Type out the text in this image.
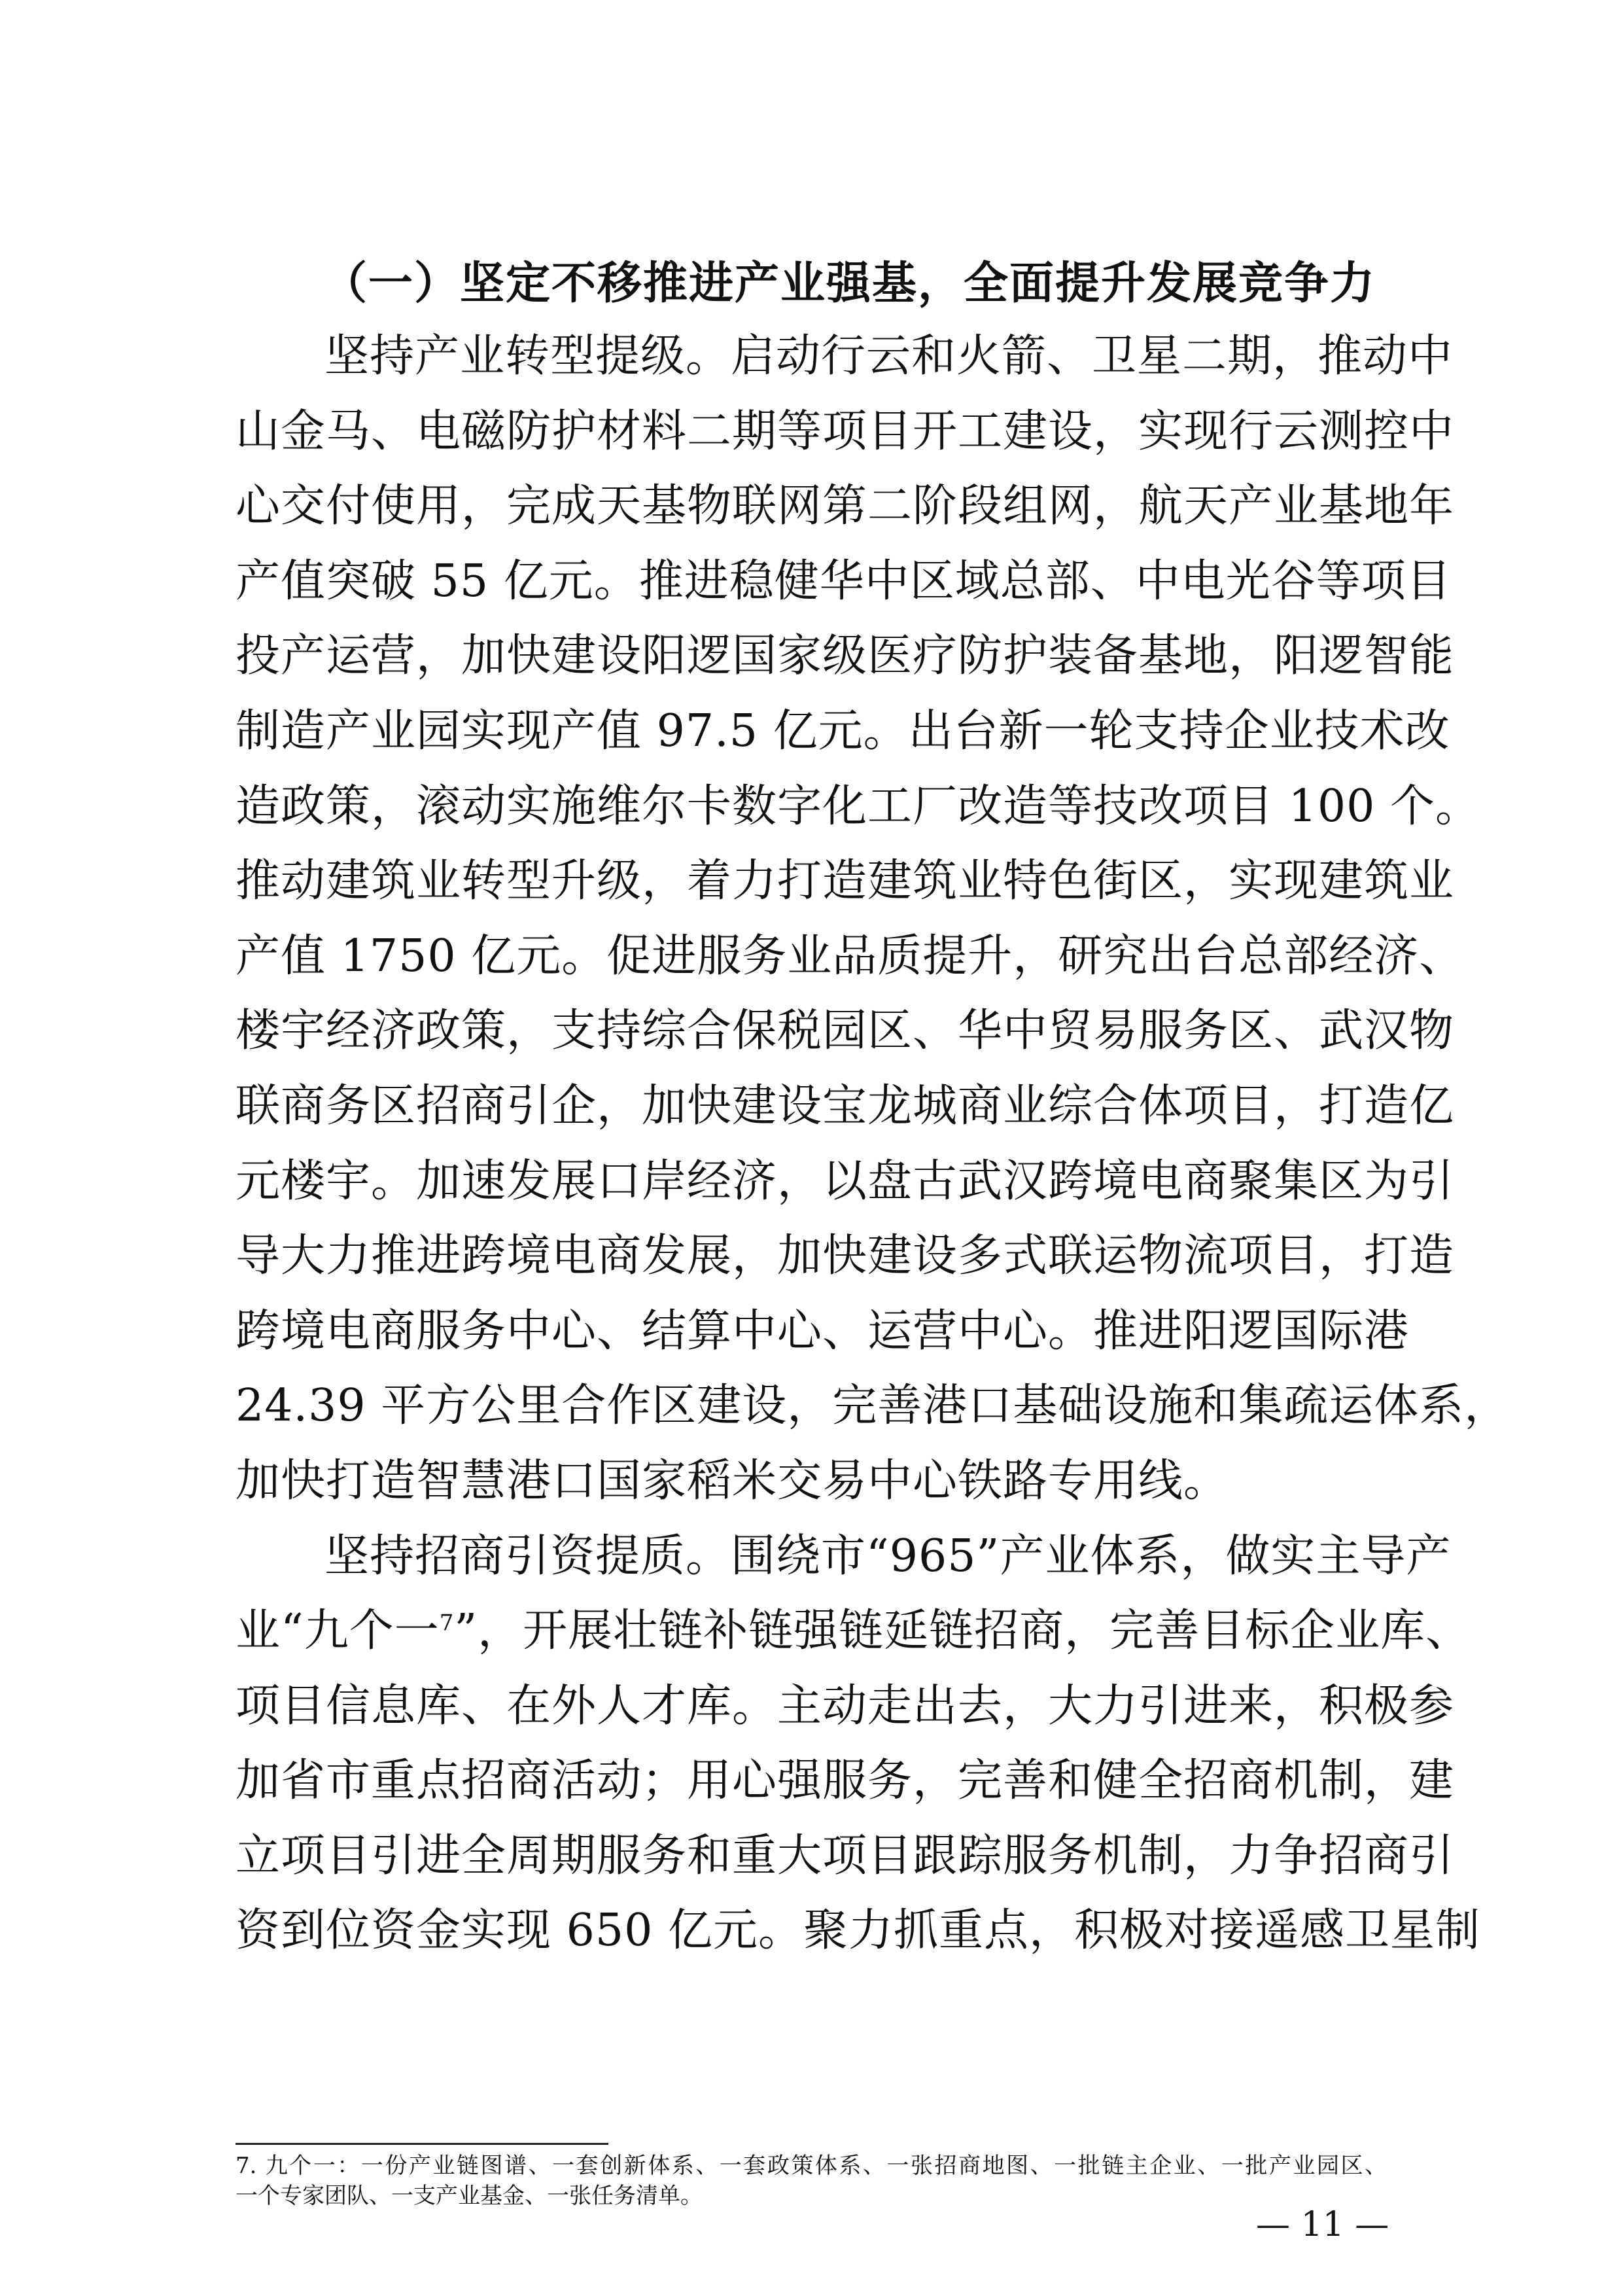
（一）坚定不移推进产业强基，全面提升发展竞争力
坚持产业转型提级。启动行云和火箭、卫星二期，推动中
山金马、电磁防护材料二期等项目开工建设，实现行云测控中
心交付使用，完成天基物联网第二阶段组网，航天产业基地年
产值突破 55 亿元。推进稳健华中区域总部、中电光谷等项目
投产运营，加快建设阳逻国家级医疗防护装备基地，阳逻智能
制造产业园实现产值 97.5 亿元。出台新一轮支持企业技术改
造政策，滚动实施维尔卡数字化工厂改造等技改项目 100 个。
推动建筑业转型升级，着力打造建筑业特色街区，实现建筑业
产值 1750 亿元。促进服务业品质提升，研究出台总部经济、
楼宇经济政策，支持综合保税园区、华中贸易服务区、武汉物
联商务区招商引企，加快建设宝龙城商业综合体项目，打造亿
元楼宇。加速发展口岸经济，以盘古武汉跨境电商聚集区为引
导大力推进跨境电商发展，加快建设多式联运物流项目，打造
跨境电商服务中心、结算中心、运营中心。推进阳逻国际港
24.39 平方公里合作区建设，完善港口基础设施和集疏运体系，
加快打造智慧港口国家稻米交易中心铁路专用线。
坚持招商引资提质。围绕市“965”产业体系，做实主导产
业“九个一$^7$”，开展壮链补链强链延链招商，完善目标企业库、
项目信息库、在外人才库。主动走出去，大力引进来，积极参
加省市重点招商活动；用心强服务，完善和健全招商机制，建
立项目引进全周期服务和重大项目跟踪服务机制，力争招商引
资到位资金实现 650 亿元。聚力抓重点，积极对接遥感卫星制
7. 九个一：一份产业链图谱、一套创新体系、一套政策体系、一张招商地图、一批链主企业、一批产业园区、
一个专家团队、一支产业基金、一张任务清单。
— 11 —
